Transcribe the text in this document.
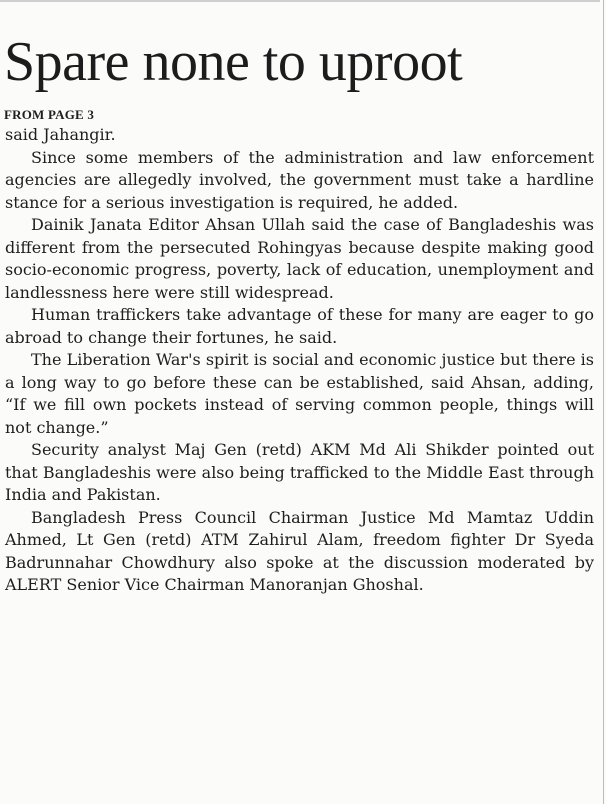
Spare none to uproot
FROM PAGE 3

said Jahangir.

Since some members of the administration and law enforcement agencies are allegedly involved, the government must take a hardline stance for a serious investigation is required, he added.

Dainik Janata Editor Ahsan Ullah said the case of Bangladeshis was different from the persecuted Rohingyas because despite making good socio-economic progress, poverty, lack of education, unemployment and landlessness here were still widespread.

Human traffickers take advantage of these for many are eager to go abroad to change their fortunes, he said.

The Liberation War's spirit is social and economic justice but there is a long way to go before these can be established, said Ahsan, adding, “If we fill own pockets instead of serving common people, things will not change.”

Security analyst Maj Gen (retd) AKM Md Ali Shikder pointed out that Bangladeshis were also being trafficked to the Middle East through India and Pakistan.

Bangladesh Press Council Chairman Justice Md Mamtaz Uddin Ahmed, Lt Gen (retd) ATM Zahirul Alam, freedom fighter Dr Syeda Badrunnahar Chowdhury also spoke at the discussion moderated by ALERT Senior Vice Chairman Manoranjan Ghoshal.
